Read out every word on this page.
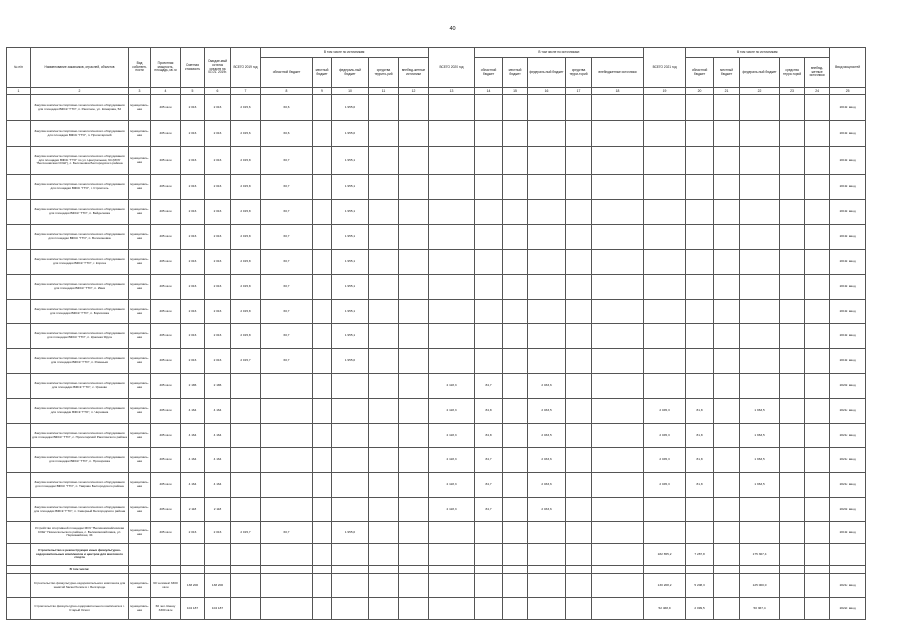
40
№ п/п	Наименование заказчиков, отраслей, объектов	Вид собствен-ности	Проектная мощность, площадь, кв. м	Сметная стоимость	Ожидае-мый остаток средств на 01.01. 2019г.	ВСЕГО 2019 год	В том числе по источникам:					ВСЕГО 2020 год	В том числе по источникам:					ВСЕГО 2021 год	В том числе по источникам:					Ввод мощностей
							областной бюджет	местный бюджет	федераль-ный бюджет	средства террито-рий	внебюд-жетные источники		областной бюджет	местный бюджет	федераль-ный бюджет	средства терри-торий	внебюджетные источники		областной бюджет	местный бюджет	федераль-ный бюджет	средства терри-торий	внебюд-жетные источники	
1	2	3	4	5	6	7	8	9	10	11	12	13	14	15	16	17	18	19	20	21	22	23	24	25
	Закупка комплекта спортивно-технологического оборудования для площадки ВФСК "ГТО", п. Ракитное, ул. Комарова, 52	муниципаль-ная	405 кв.м	2 016	2 016	2 015,6	60,6		1 955,0															2019г. ввод
	Закупка комплекта спортивно-технологического оборудования для площадки ВФСК "ГТО", п. Пролетарский	муниципаль-ная	405 кв.м	2 016	2 016	2 015,6	60,6		1 955,0															2019г. ввод
	Закупка комплекта спортивно-технологического оборудования для площадки ВФСК "ГТО" по ул. Центральная, 94 (МОУ "Бессоновская СОШ"), с. Бессоновка Белгородского района	муниципаль-ная	405 кв.м	2 016	2 016	2 015,8	60,7		1 955,1															2019г. ввод
	Закупка комплекта спортивно-технологического оборудования для площадки ВФСК "ГТО", г. Строитель	муниципаль-ная	405 кв.м	2 016	2 016	2 015,8	60,7		1 955,1															2019г. ввод
	Закупка комплекта спортивно-технологического оборудования для площадки ВФСК "ГТО", п. Вейделевка	муниципаль-ная	405 кв.м	2 016	2 016	2 015,8	60,7		1 955,1															2019г. ввод
	Закупка комплекта спортивно-технологического оборудования для площадки ВФСК "ГТО", п. Волоконовка	муниципаль-ная	405 кв.м	2 016	2 016	2 015,8	60,7		1 955,1															2019г. ввод
	Закупка комплекта спортивно-технологического оборудования для площадки ВФСК "ГТО", г. Короча	муниципаль-ная	405 кв.м	2 016	2 016	2 015,8	60,7		1 955,1															2019г. ввод
	Закупка комплекта спортивно-технологического оборудования для площадки ВФСК "ГТО", п. Ивня	муниципаль-ная	405 кв.м	2 016	2 016	2 015,8	60,7		1 955,1															2019г. ввод
	Закупка комплекта спортивно-технологического оборудования для площадки ВФСК "ГТО", п. Борисовка	муниципаль-ная	405 кв.м	2 016	2 016	2 015,8	60,7		1 955,1															2019г. ввод
	Закупка комплекта спортивно-технологического оборудования для площадки ВФСК "ГТО", п. Красная Яруга	муниципаль-ная	405 кв.м	2 016	2 016	2 015,8	60,7		1 955,1															2019г. ввод
	Закупка комплекта спортивно-технологического оборудования для площадки ВФСК "ГТО", п. Ровеньки	муниципаль-ная	405 кв.м	2 016	2 016	2 015,7	60,7		1 955,0															2019г. ввод
	Закупка комплекта спортивно-технологического оборудования для площадки ВФСК "ГТО", с. Уразово	муниципаль-ная	405 кв.м	2 186	2 186							2 118,3	84,7		2 033,6									2020г. ввод
	Закупка комплекта спортивно-технологического оборудования для площадки ВФСК "ГТО", п. Чернянка	муниципаль-ная	405 кв.м	4 164	4 164							2 118,3	84,8		2 033,5			2 045,3	81,8		1 963,5			2021г. ввод
	Закупка комплекта спортивно-технологического оборудования для площадки ВФСК "ГТО", с. Пролетарский Ракитянского района	муниципаль-ная	405 кв.м	4 164	4 164							2 118,3	84,8		2 033,5			2 045,3	81,8		1 963,5			2021г. ввод
	Закупка комплекта спортивно-технологического оборудования для площадки ВФСК "ГТО", п. Прохоровка	муниципаль-ная	405 кв.м	4 164	4 164							2 118,3	84,7		2 033,6			2 045,3	81,8		1 963,5			2021г. ввод
	Закупка комплекта спортивно-технологического оборудования для площадки ВФСК "ГТО", п. Таврово Белгородского района	муниципаль-ная	405 кв.м	4 164	4 164							2 118,3	84,7		2 033,6			2 045,3	81,8		1 963,5			2021г. ввод
	Закупка комплекта спортивно-технологического оборудования для площадки ВФСК "ГТО", п. Северный Белгородского района	муниципаль-ная	405 кв.м	2 118	2 118							2 118,3	84,7		2 033,6									2020г. ввод
	Устройство спортивной площадки МОУ "Великомихайловская СОШ" Новооскольского района, с. Великомихайловка, ул. Первомайская, 34	муниципаль-ная	405 кв.м	2 016	2 016	2 015,7	60,7		1 955,0															2019г. ввод
	Строительство и реконструкция иных физкультурно-оздоровительных комплексов и центров для массового спорта																	182 655,2	7 287,8		175 367,4			
	В том числе:																							
	Строительство физкультурно-оздоровительного комплекса для занятий баскетболом в г. Белгороде	муниципаль-ная	60 человек/ 3300 кв.м	138 200	138 200													130 208,2	5 208,3		125 000,0			2021г. ввод
	Строительство физкультурно-оздоровительного комплекса в г. Старый Оскол	муниципаль-ная	60 чел./смену 3300 кв.м	104 187	104 187													52 468,9	2 099,5		50 367,4			2022г. ввод
